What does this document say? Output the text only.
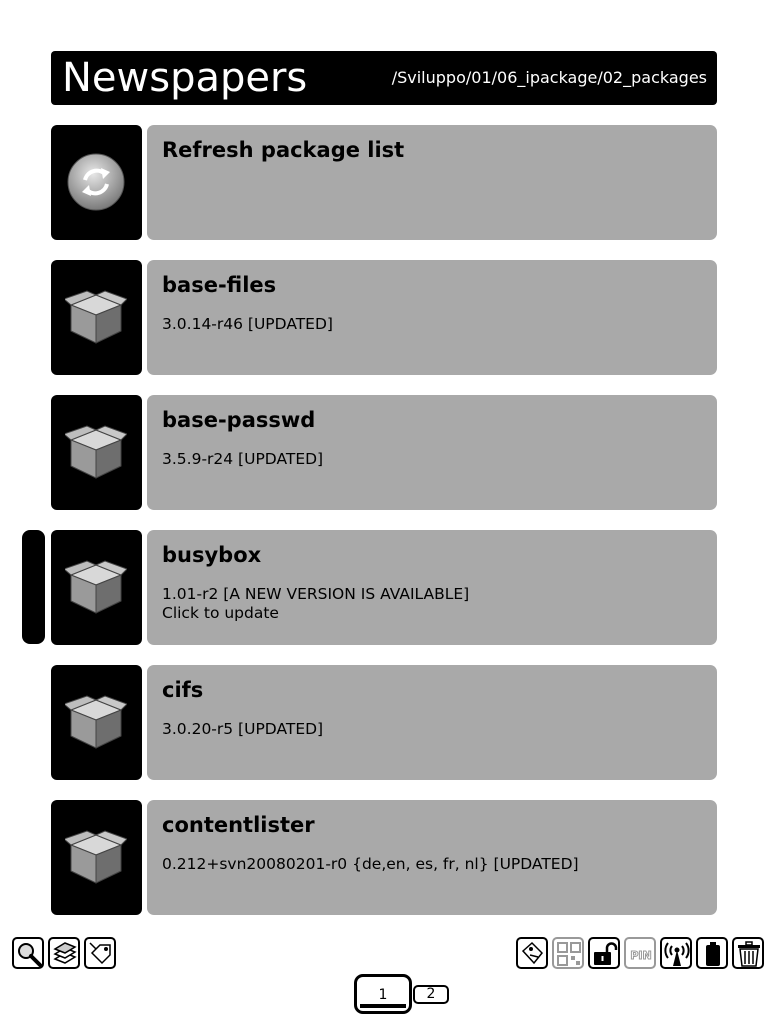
Newspapers	/Sviluppo/01/06_ipackage/02_packages
Refresh package list
base-files
3.0.14-r46 [UPDATED]
base-passwd
3.5.9-r24 [UPDATED]
busybox
1.01-r2 [A NEW VERSION IS AVAILABLE]
Click to update
cifs
3.0.20-r5 [UPDATED]
contentlister
0.212+svn20080201-r0 {de,en, es, fr, nl} [UPDATED]
PIN
1	2
